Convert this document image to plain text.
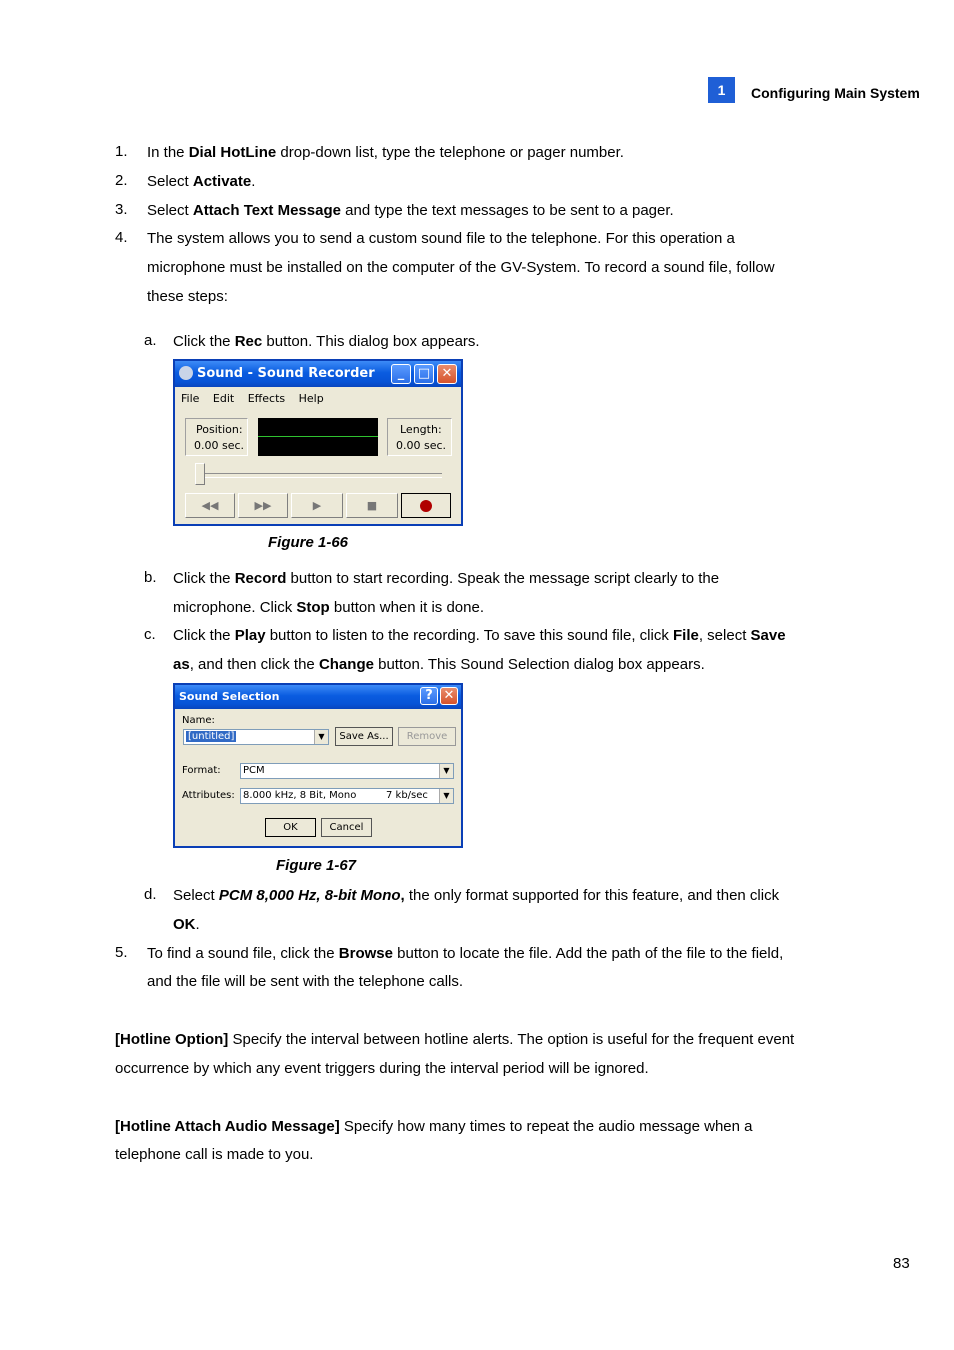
1	Configuring Main System
1. In the Dial HotLine drop-down list, type the telephone or pager number.
2. Select Activate.
3. Select Attach Text Message and type the text messages to be sent to a pager.
4. The system allows you to send a custom sound file to the telephone. For this operation a
microphone must be installed on the computer of the GV-System. To record a sound file, follow
these steps:
a. Click the Rec button. This dialog box appears.
Sound - Sound Recorder	_	□ ✕
File Edit Effects Help
Position:
0.00 sec.
Length:
0.00 sec.
◀◀	▶▶	▶	■
Figure 1-66
b. Click the Record button to start recording. Speak the message script clearly to the
microphone. Click Stop button when it is done.
c. Click the Play button to listen to the recording. To save this sound file, click File, select Save
as, and then click the Change button. This Sound Selection dialog box appears.
Sound Selection	? ✕
Name:
[untitled]	▼	Save As...	Remove
Format:	PCM	▼
Attributes: 8.000 kHz, 8 Bit, Mono	7 kb/sec	▼
OK	Cancel
Figure 1-67
d. Select PCM 8,000 Hz, 8-bit Mono, the only format supported for this feature, and then click
OK.
5. To find a sound file, click the Browse button to locate the file. Add the path of the file to the field,
and the file will be sent with the telephone calls.
[Hotline Option] Specify the interval between hotline alerts. The option is useful for the frequent event
occurrence by which any event triggers during the interval period will be ignored.
[Hotline Attach Audio Message] Specify how many times to repeat the audio message when a
telephone call is made to you.
83
